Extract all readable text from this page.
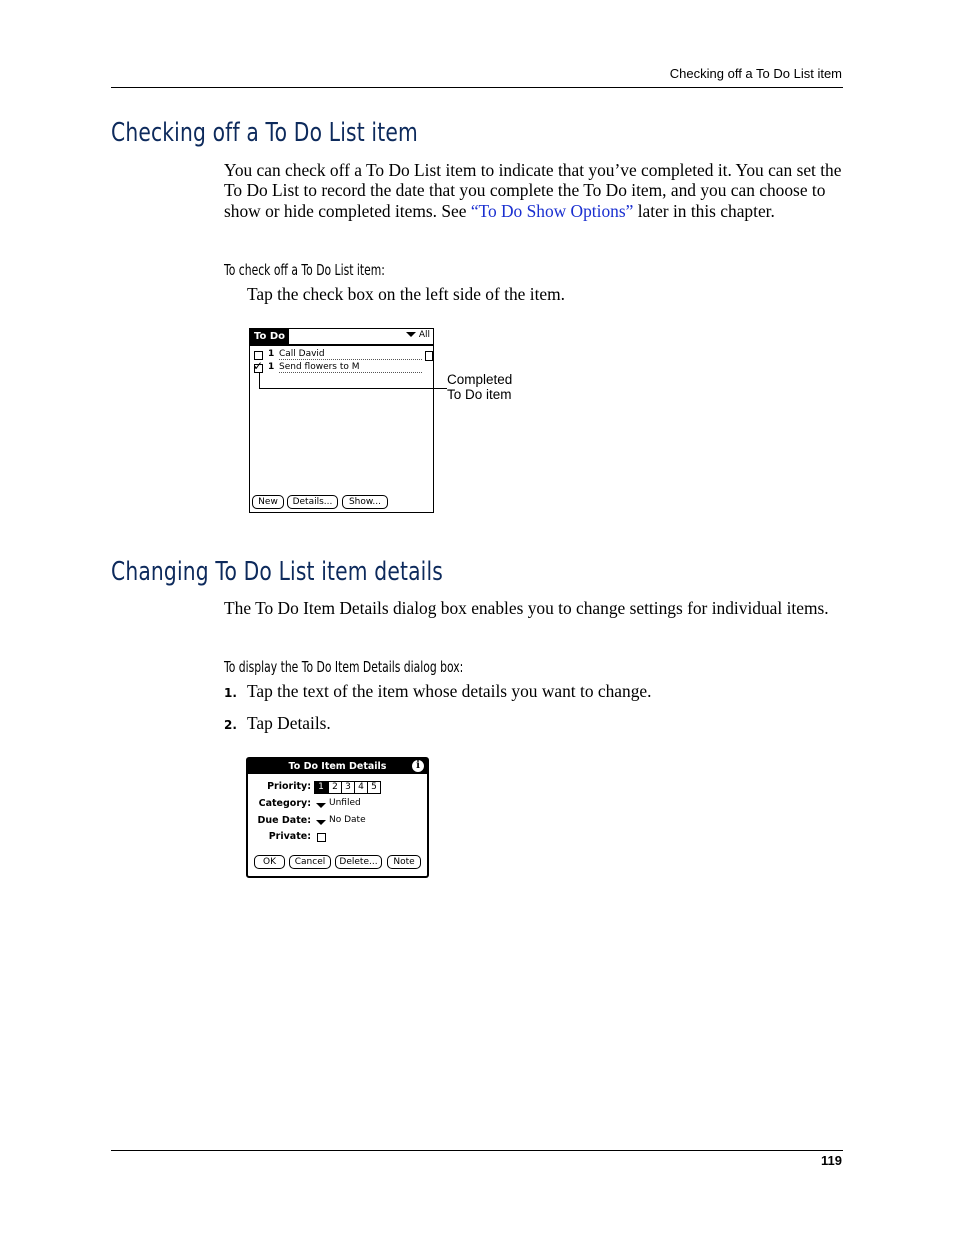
Checking off a To Do List item
Checking off a To Do List item
You can check off a To Do List item to indicate that you’ve completed it. You can set the To Do List to record the date that you complete the To Do item, and you can choose to show or hide completed items. See “To Do Show Options” later in this chapter.
To check off a To Do List item:
Tap the check box on the left side of the item.
To Do	All
1 Call David
✓ 1 Send flowers to M
New	Details...	Show...
Completed
To Do item
Changing To Do List item details
The To Do Item Details dialog box enables you to change settings for individual items.
To display the To Do Item Details dialog box:
1. Tap the text of the item whose details you want to change.
2. Tap Details.
To Do Item Details	i
Priority: 1 2 3 4 5
Category: Unfiled
Due Date: No Date
Private:
OK	Cancel	Delete...	Note
119
